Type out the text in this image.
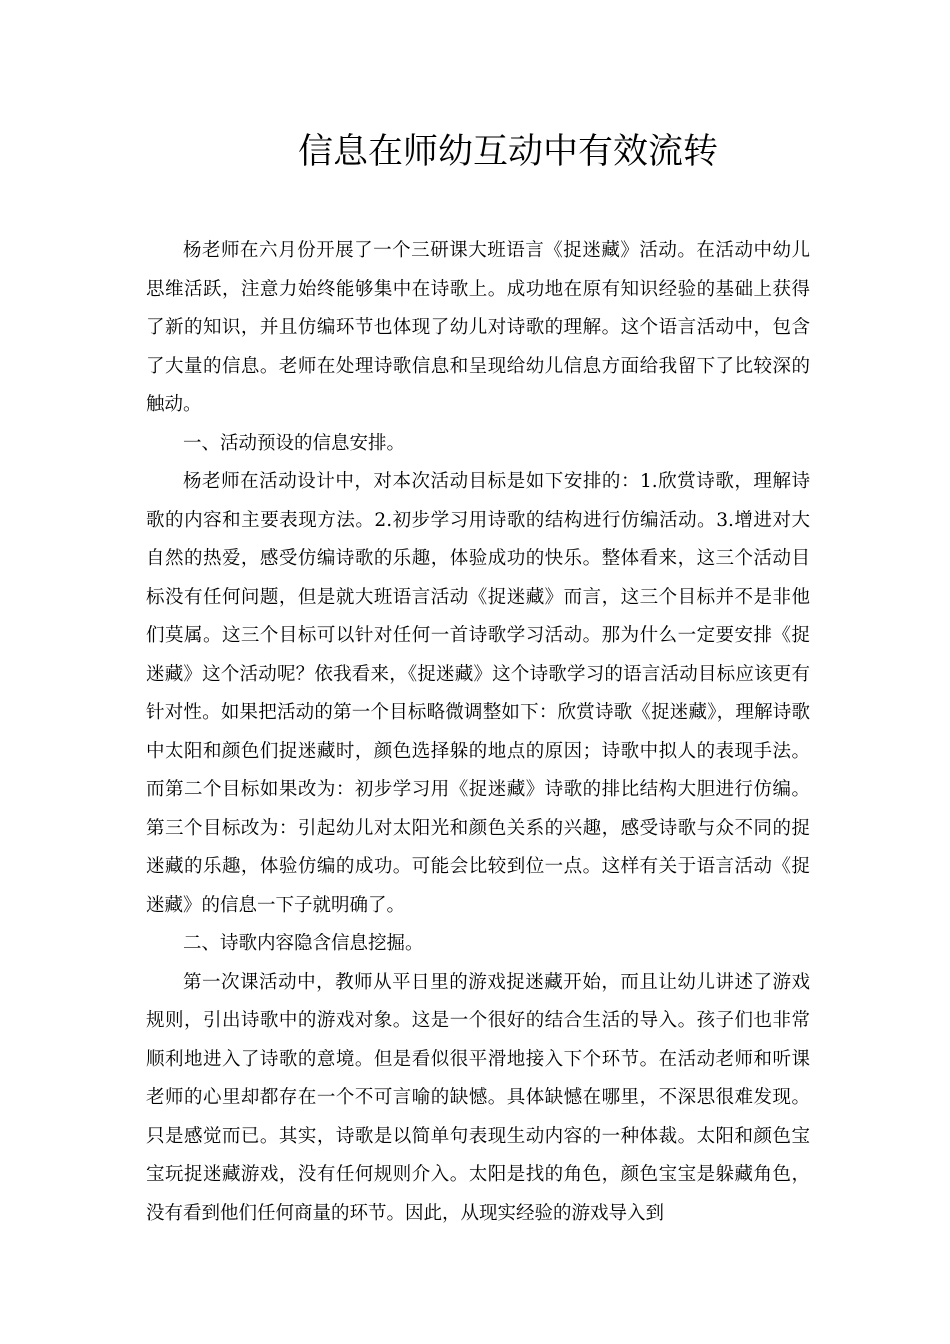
信息在师幼互动中有效流转

杨老师在六月份开展了一个三研课大班语言《捉迷藏》活动。在活动中幼儿思维活跃，注意力始终能够集中在诗歌上。成功地在原有知识经验的基础上获得了新的知识，并且仿编环节也体现了幼儿对诗歌的理解。这个语言活动中，包含了大量的信息。老师在处理诗歌信息和呈现给幼儿信息方面给我留下了比较深的触动。

一、活动预设的信息安排。

杨老师在活动设计中，对本次活动目标是如下安排的：1.欣赏诗歌，理解诗歌的内容和主要表现方法。2.初步学习用诗歌的结构进行仿编活动。3.增进对大自然的热爱，感受仿编诗歌的乐趣，体验成功的快乐。整体看来，这三个活动目标没有任何问题，但是就大班语言活动《捉迷藏》而言，这三个目标并不是非他们莫属。这三个目标可以针对任何一首诗歌学习活动。那为什么一定要安排《捉迷藏》这个活动呢？依我看来，《捉迷藏》这个诗歌学习的语言活动目标应该更有针对性。如果把活动的第一个目标略微调整如下：欣赏诗歌《捉迷藏》，理解诗歌中太阳和颜色们捉迷藏时，颜色选择躲的地点的原因；诗歌中拟人的表现手法。而第二个目标如果改为：初步学习用《捉迷藏》诗歌的排比结构大胆进行仿编。第三个目标改为：引起幼儿对太阳光和颜色关系的兴趣，感受诗歌与众不同的捉迷藏的乐趣，体验仿编的成功。可能会比较到位一点。这样有关于语言活动《捉迷藏》的信息一下子就明确了。

二、诗歌内容隐含信息挖掘。

第一次课活动中，教师从平日里的游戏捉迷藏开始，而且让幼儿讲述了游戏规则，引出诗歌中的游戏对象。这是一个很好的结合生活的导入。孩子们也非常顺利地进入了诗歌的意境。但是看似很平滑地接入下个环节。在活动老师和听课老师的心里却都存在一个不可言喻的缺憾。具体缺憾在哪里，不深思很难发现。只是感觉而已。其实，诗歌是以简单句表现生动内容的一种体裁。太阳和颜色宝宝玩捉迷藏游戏，没有任何规则介入。太阳是找的角色，颜色宝宝是躲藏角色，没有看到他们任何商量的环节。因此，从现实经验的游戏导入到
